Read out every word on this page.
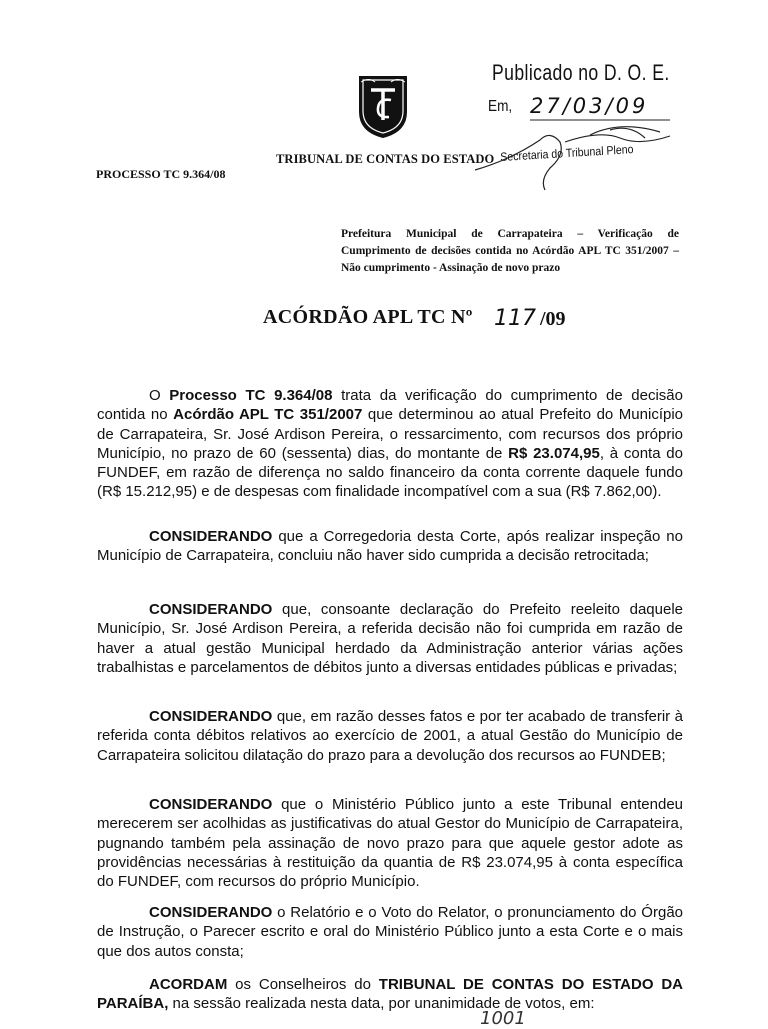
TRIBUNAL DE CONTAS DO ESTADO
PROCESSO TC 9.364/08
Publicado no D. O. E.
Em, 27/03/09
Secretaria do Tribunal Pleno
Prefeitura Municipal de Carrapateira – Verificação de Cumprimento de decisões contida no Acórdão APL TC 351/2007 – Não cumprimento - Assinação de novo prazo
ACÓRDÃO APL TC Nº 117 /09

O Processo TC 9.364/08 trata da verificação do cumprimento de decisão contida no Acórdão APL TC 351/2007 que determinou ao atual Prefeito do Município de Carrapateira, Sr. José Ardison Pereira, o ressarcimento, com recursos dos próprio Município, no prazo de 60 (sessenta) dias, do montante de R$ 23.074,95, à conta do FUNDEF, em razão de diferença no saldo financeiro da conta corrente daquele fundo (R$ 15.212,95) e de despesas com finalidade incompatível com a sua (R$ 7.862,00).

CONSIDERANDO que a Corregedoria desta Corte, após realizar inspeção no Município de Carrapateira, concluiu não haver sido cumprida a decisão retrocitada;

CONSIDERANDO que, consoante declaração do Prefeito reeleito daquele Município, Sr. José Ardison Pereira, a referida decisão não foi cumprida em razão de haver a atual gestão Municipal herdado da Administração anterior várias ações trabalhistas e parcelamentos de débitos junto a diversas entidades públicas e privadas;

CONSIDERANDO que, em razão desses fatos e por ter acabado de transferir à referida conta débitos relativos ao exercício de 2001, a atual Gestão do Município de Carrapateira solicitou dilatação do prazo para a devolução dos recursos ao FUNDEB;

CONSIDERANDO que o Ministério Público junto a este Tribunal entendeu merecerem ser acolhidas as justificativas do atual Gestor do Município de Carrapateira, pugnando também pela assinação de novo prazo para que aquele gestor adote as providências necessárias à restituição da quantia de R$ 23.074,95 à conta específica do FUNDEF, com recursos do próprio Município.

CONSIDERANDO o Relatório e o Voto do Relator, o pronunciamento do Órgão de Instrução, o Parecer escrito e oral do Ministério Público junto a esta Corte e o mais que dos autos consta;

ACORDAM os Conselheiros do TRIBUNAL DE CONTAS DO ESTADO DA PARAÍBA, na sessão realizada nesta data, por unanimidade de votos, em:

1001
